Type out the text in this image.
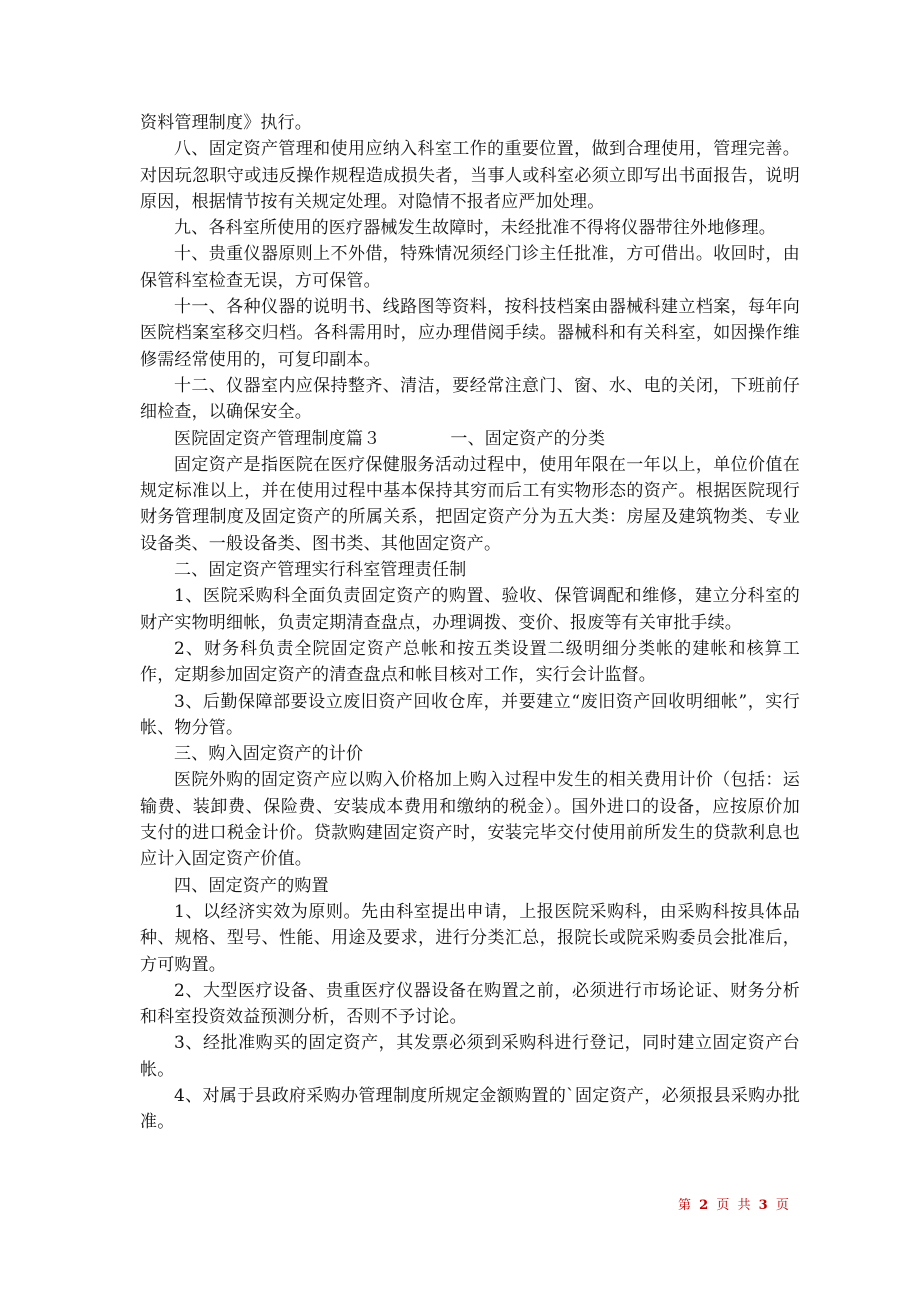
资料管理制度》执行。

八、固定资产管理和使用应纳入科室工作的重要位置，做到合理使用，管理完善。对因玩忽职守或违反操作规程造成损失者，当事人或科室必须立即写出书面报告，说明原因，根据情节按有关规定处理。对隐情不报者应严加处理。

九、各科室所使用的医疗器械发生故障时，未经批准不得将仪器带往外地修理。

十、贵重仪器原则上不外借，特殊情况须经门诊主任批准，方可借出。收回时，由保管科室检查无误，方可保管。

十一、各种仪器的说明书、线路图等资料，按科技档案由器械科建立档案，每年向医院档案室移交归档。各科需用时，应办理借阅手续。器械科和有关科室，如因操作维修需经常使用的，可复印副本。

十二、仪器室内应保持整齐、清洁，要经常注意门、窗、水、电的关闭，下班前仔细检查，以确保安全。

医院固定资产管理制度篇３	一、固定资产的分类

固定资产是指医院在医疗保健服务活动过程中，使用年限在一年以上，单位价值在规定标准以上，并在使用过程中基本保持其穷而后工有实物形态的资产。根据医院现行财务管理制度及固定资产的所属关系，把固定资产分为五大类：房屋及建筑物类、专业设备类、一般设备类、图书类、其他固定资产。

二、固定资产管理实行科室管理责任制

1、医院采购科全面负责固定资产的购置、验收、保管调配和维修，建立分科室的财产实物明细帐，负责定期清查盘点，办理调拨、变价、报废等有关审批手续。

2、财务科负责全院固定资产总帐和按五类设置二级明细分类帐的建帐和核算工作，定期参加固定资产的清查盘点和帐目核对工作，实行会计监督。

3、后勤保障部要设立废旧资产回收仓库，并要建立“废旧资产回收明细帐”，实行帐、物分管。

三、购入固定资产的计价

医院外购的固定资产应以购入价格加上购入过程中发生的相关费用计价（包括：运输费、装卸费、保险费、安装成本费用和缴纳的税金）。国外进口的设备，应按原价加支付的进口税金计价。贷款购建固定资产时，安装完毕交付使用前所发生的贷款利息也应计入固定资产价值。

四、固定资产的购置

1、以经济实效为原则。先由科室提出申请，上报医院采购科，由采购科按具体品种、规格、型号、性能、用途及要求，进行分类汇总，报院长或院采购委员会批准后，方可购置。

2、大型医疗设备、贵重医疗仪器设备在购置之前，必须进行市场论证、财务分析和科室投资效益预测分析，否则不予讨论。

3、经批准购买的固定资产，其发票必须到采购科进行登记，同时建立固定资产台帐。

4、对属于县政府采购办管理制度所规定金额购置的`固定资产，必须报县采购办批准。

第 2 页 共 3 页
